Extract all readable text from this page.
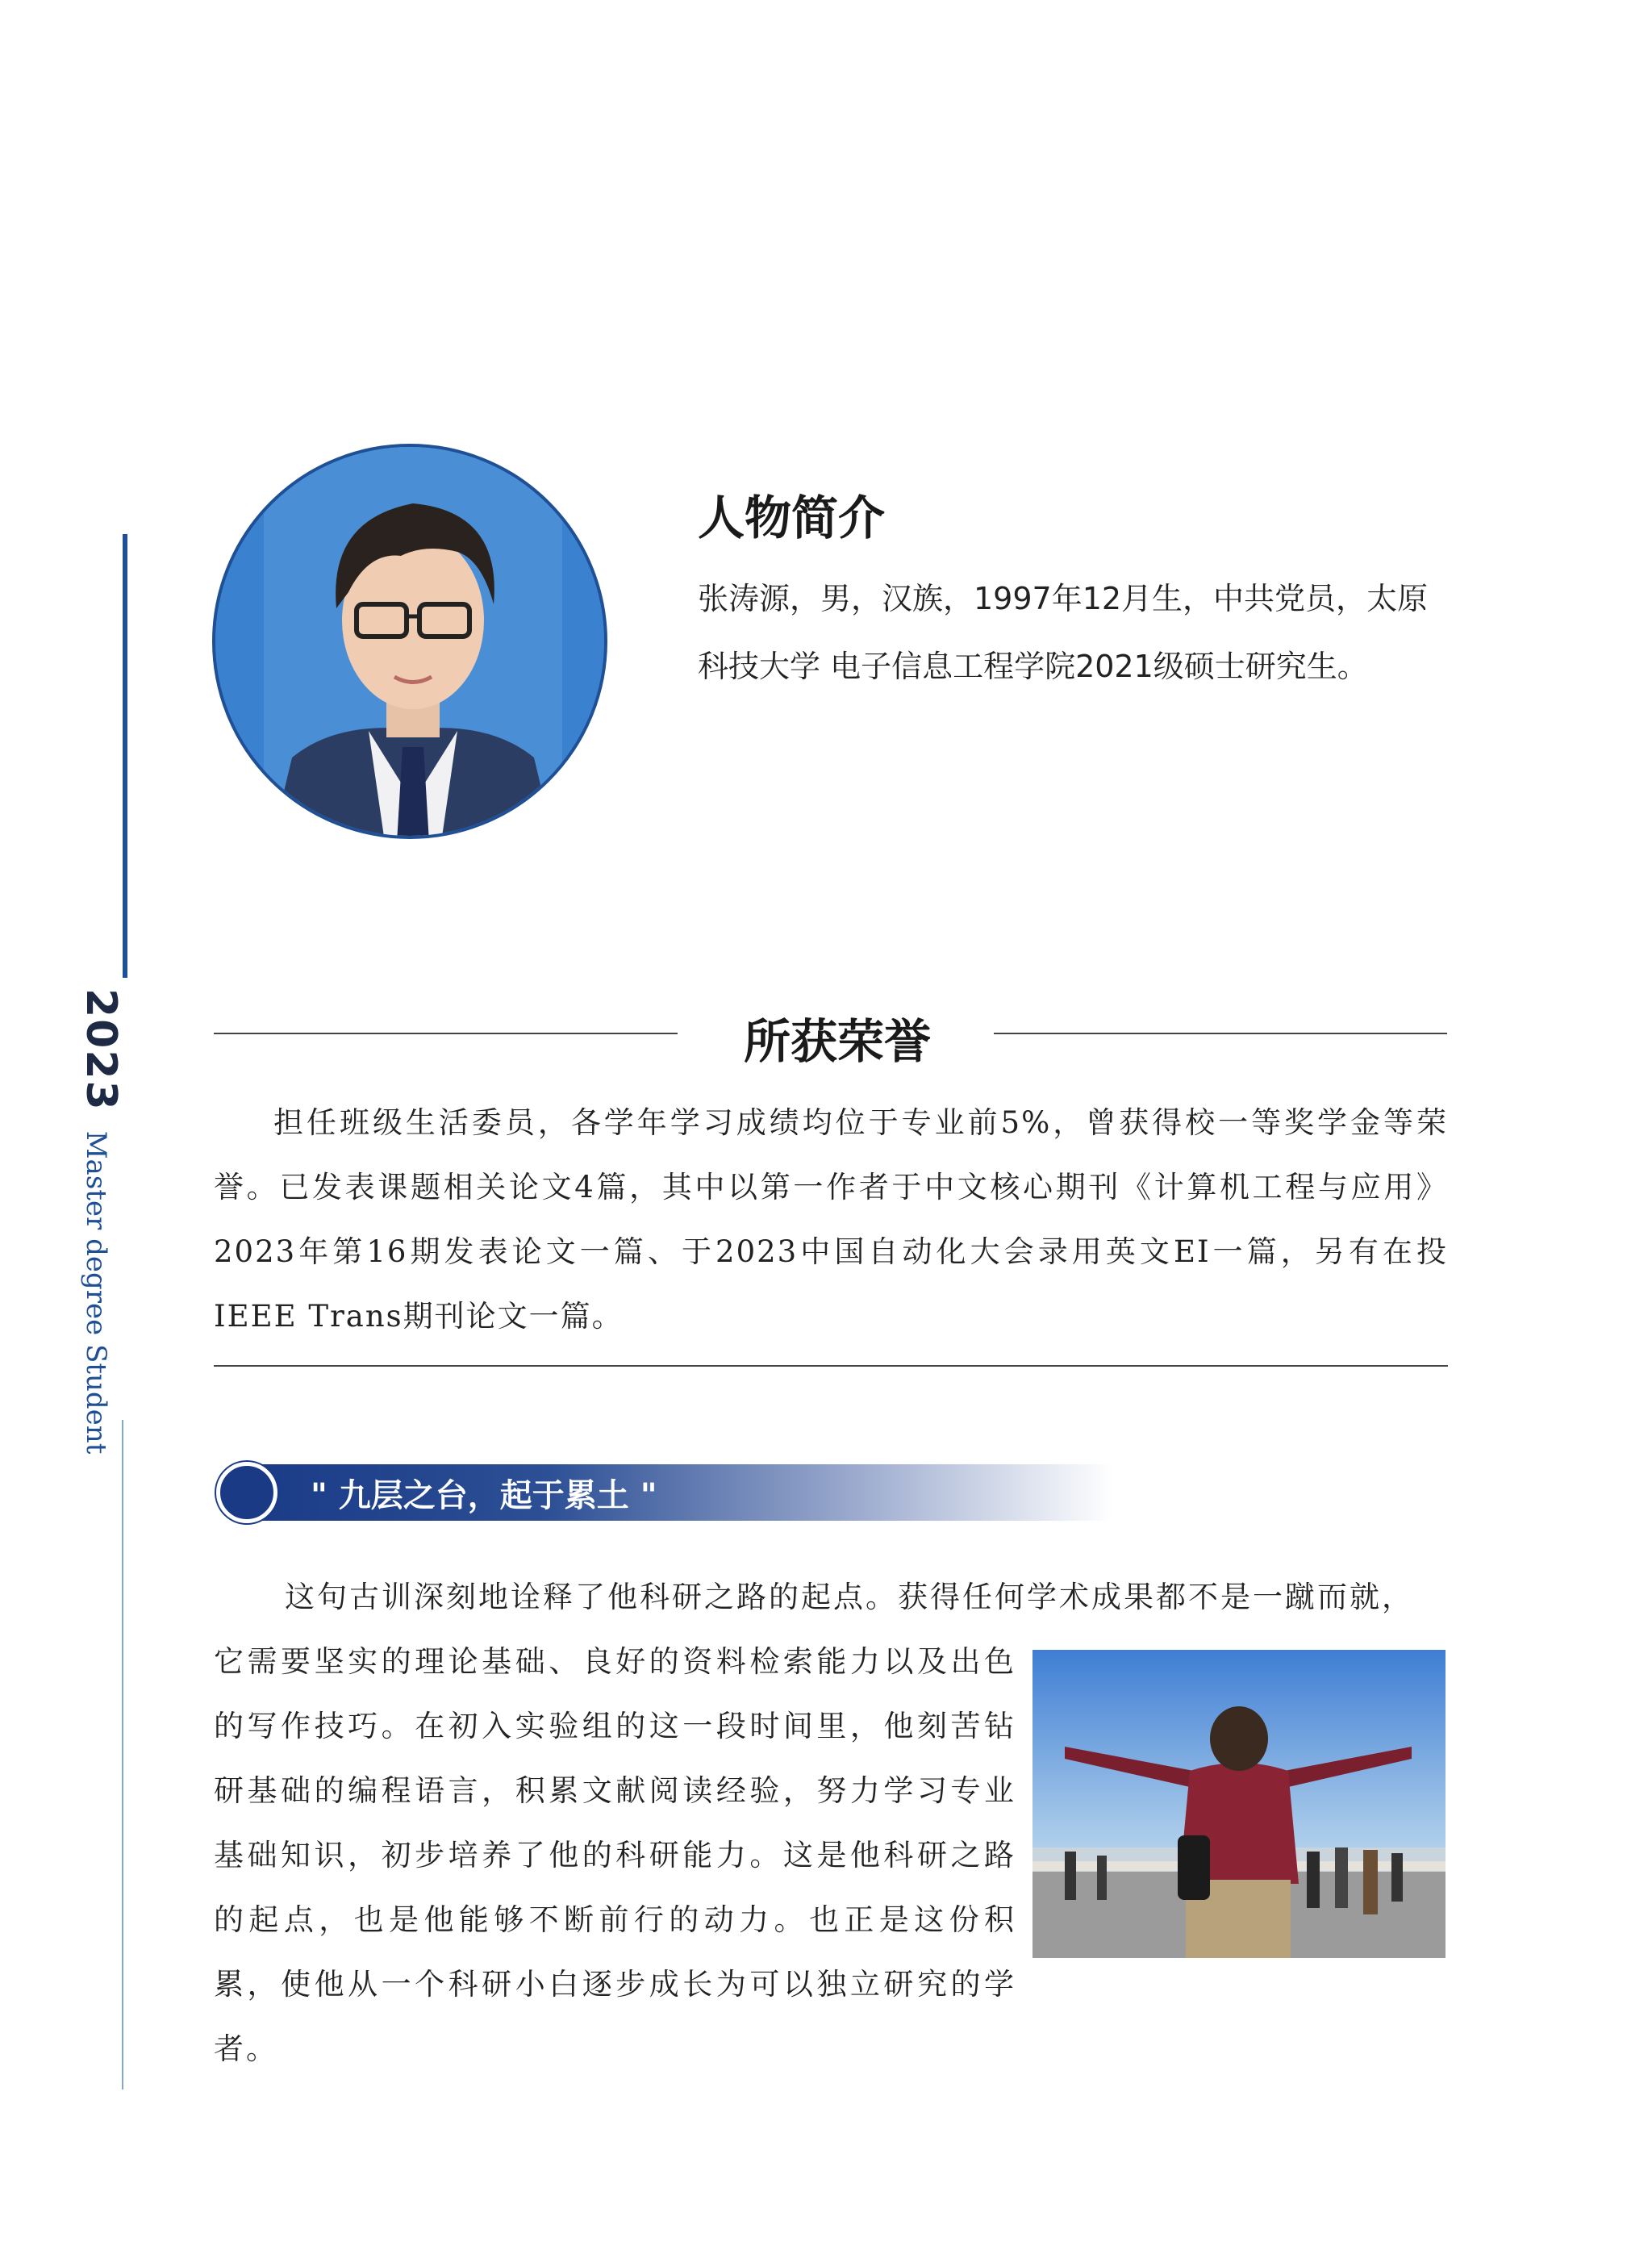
2023
Master degree Student
人物简介
张涛源，男，汉族，1997年12月生，中共党员，太原科技大学 电子信息工程学院2021级硕士研究生。
所获荣誉
担任班级生活委员，各学年学习成绩均位于专业前5%，曾获得校一等奖学金等荣誉。已发表课题相关论文4篇，其中以第一作者于中文核心期刊《计算机工程与应用》2023年第16期发表论文一篇、于2023中国自动化大会录用英文EI一篇，另有在投IEEE Trans期刊论文一篇。
" 九层之台，起于累土 "
这句古训深刻地诠释了他科研之路的起点。获得任何学术成果都不是一蹴而就，
它需要坚实的理论基础、良好的资料检索能力以及出色的写作技巧。在初入实验组的这一段时间里，他刻苦钻研基础的编程语言，积累文献阅读经验，努力学习专业基础知识，初步培养了他的科研能力。这是他科研之路的起点，也是他能够不断前行的动力。也正是这份积累，使他从一个科研小白逐步成长为可以独立研究的学者。
